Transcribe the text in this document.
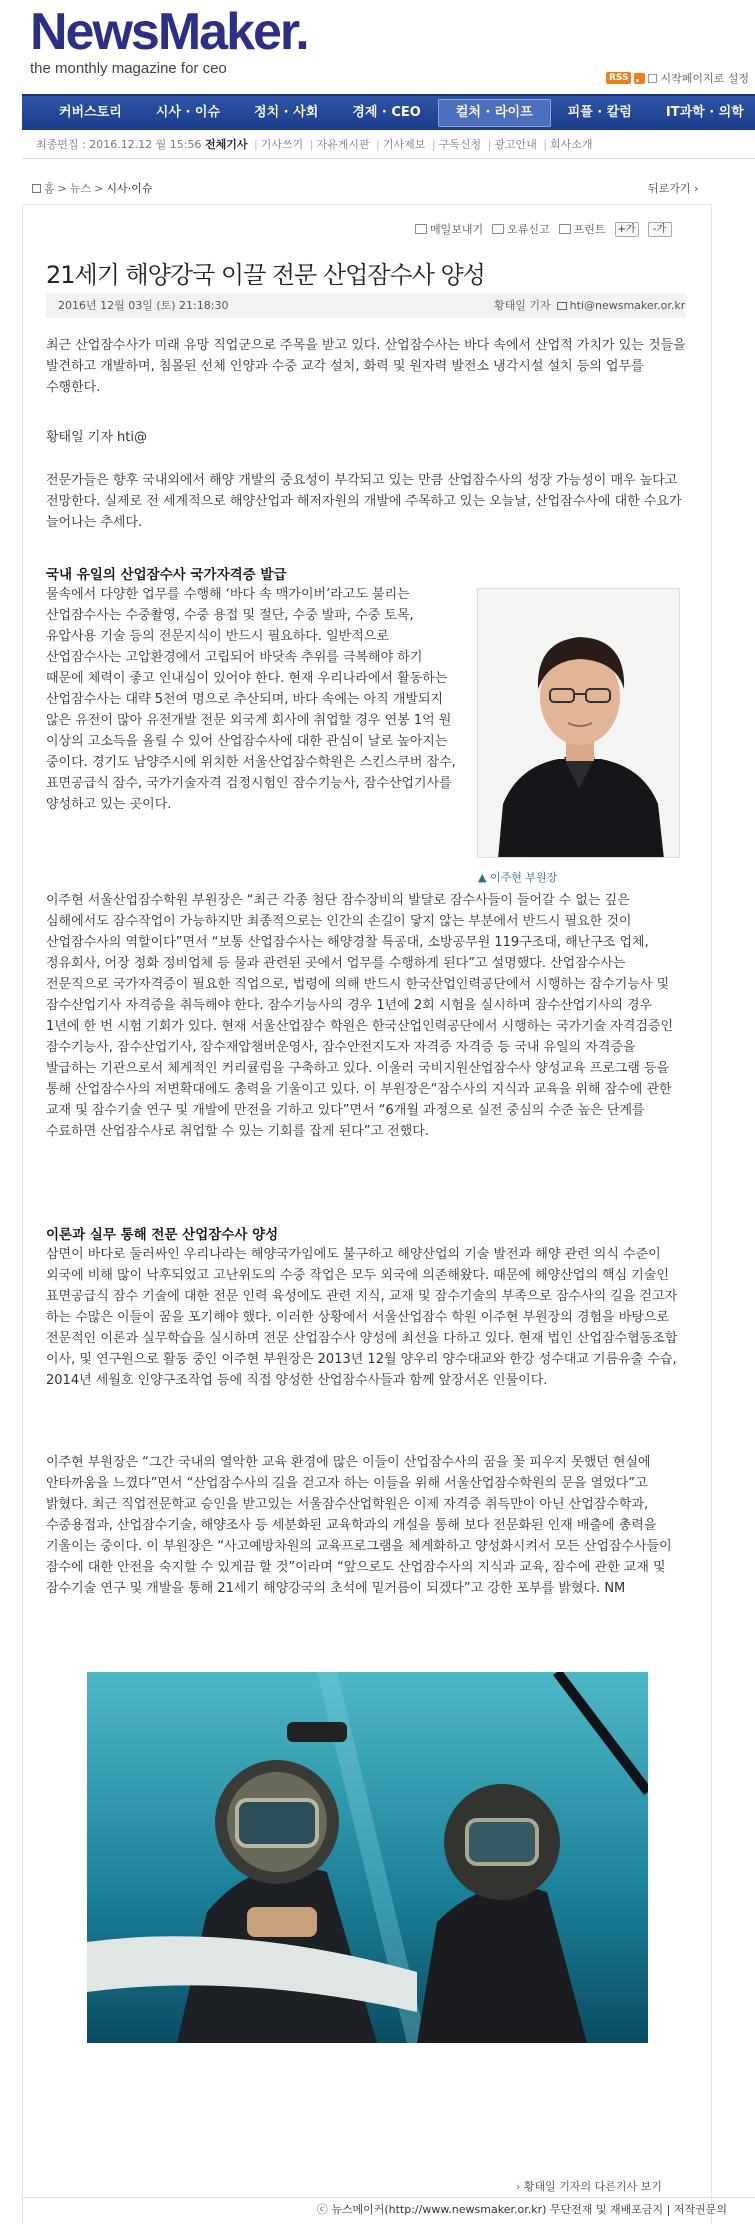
NewsMaker.
the monthly magazine for ceo
RSS	시작페이지로 설정
커버스토리	시사 · 이슈	정치 · 사회	경제 · CEO	컬처 · 라이프	피플 · 칼럼	IT과학 · 의학
최종편집 : 2016.12.12 월 15:56 전체기사 | 기사쓰기 | 자유게시판 | 기사제보 | 구독신청 | 광고안내 | 회사소개
홈 > 뉴스 > 시사·이슈	뒤로가기 ›
메일보내기 오류신고 프린트 +가	-가
21세기 해양강국 이끌 전문 산업잠수사 양성
2016년 12월 03일 (토) 21:18:30	황태일 기자 hti@newsmaker.or.kr
최근 산업잠수사가 미래 유망 직업군으로 주목을 받고 있다. 산업잠수사는 바다 속에서 산업적 가치가 있는 것들을 발견하고 개발하며, 침몰된 선체 인양과 수중 교각 설치, 화력 및 원자력 발전소 냉각시설 설치 등의 업무를 수행한다.
황태일 기자 hti@
전문가들은 향후 국내외에서 해양 개발의 중요성이 부각되고 있는 만큼 산업잠수사의 성장 가능성이 매우 높다고 전망한다. 실제로 전 세계적으로 해양산업과 해저자원의 개발에 주목하고 있는 오늘날, 산업잠수사에 대한 수요가 늘어나는 추세다.
국내 유일의 산업잠수사 국가자격증 발급
물속에서 다양한 업무를 수행해 ‘바다 속 맥가이버’라고도 불리는 산업잠수사는 수중촬영, 수중 용접 및 절단, 수중 발파, 수중 토목, 유압사용 기술 등의 전문지식이 반드시 필요하다. 일반적으로 산업잠수사는 고압환경에서 고립되어 바닷속 추위를 극복해야 하기 때문에 체력이 좋고 인내심이 있어야 한다. 현재 우리나라에서 활동하는 산업잠수사는 대략 5천여 명으로 추산되며, 바다 속에는 아직 개발되지 않은 유전이 많아 유전개발 전문 외국계 회사에 취업할 경우 연봉 1억 원 이상의 고소득을 올릴 수 있어 산업잠수사에 대한 관심이 날로 높아지는 중이다. 경기도 남양주시에 위치한 서울산업잠수학원은 스킨스쿠버 잠수, 표면공급식 잠수, 국가기술자격 검정시험인 잠수기능사, 잠수산업기사를 양성하고 있는 곳이다.
▲ 이주현 부원장
이주현 서울산업잠수학원 부원장은 “최근 각종 첨단 잠수장비의 발달로 잠수사들이 들어갈 수 없는 깊은 심해에서도 잠수작업이 가능하지만 최종적으로는 인간의 손길이 닿지 않는 부분에서 반드시 필요한 것이 산업잠수사의 역할이다”면서 “보통 산업잠수사는 해양경찰 특공대, 소방공무원 119구조대, 해난구조 업체, 정유회사, 어장 정화 정비업체 등 물과 관련된 곳에서 업무를 수행하게 된다”고 설명했다. 산업잠수사는 전문직으로 국가자격증이 필요한 직업으로, 법령에 의해 반드시 한국산업인력공단에서 시행하는 잠수기능사 및 잠수산업기사 자격증을 취득해야 한다. 잠수기능사의 경우 1년에 2회 시험을 실시하며 잠수산업기사의 경우 1년에 한 번 시험 기회가 있다. 현재 서울산업잠수 학원은 한국산업인력공단에서 시행하는 국가기술 자격검증인 잠수기능사, 잠수산업기사, 잠수재압챔버운영사, 잠수안전지도자 자격증 자격증 등 국내 유일의 자격증을 발급하는 기관으로서 체계적인 커리큘럼을 구축하고 있다. 이울러 국비지원산업잠수사 양성교육 프로그램 등을 통해 산업잠수사의 저변확대에도 총력을 기울이고 있다. 이 부원장은“잠수사의 지식과 교육을 위해 잠수에 관한 교재 및 잠수기술 연구 및 개발에 만전을 기하고 있다”면서 “6개월 과정으로 실전 중심의 수준 높은 단계를 수료하면 산업잠수사로 취업할 수 있는 기회를 잡게 된다”고 전했다.
이론과 실무 통해 전문 산업잠수사 양성
삼면이 바다로 둘러싸인 우리나라는 해양국가임에도 불구하고 해양산업의 기술 발전과 해양 관련 의식 수준이 외국에 비해 많이 낙후되었고 고난위도의 수중 작업은 모두 외국에 의존해왔다. 때문에 해양산업의 핵심 기술인 표면공급식 잠수 기술에 대한 전문 인력 육성에도 관련 지식, 교재 및 잠수기술의 부족으로 잠수사의 길을 걷고자 하는 수많은 이들이 꿈을 포기해야 했다. 이러한 상황에서 서울산업잠수 학원 이주현 부원장의 경험을 바탕으로 전문적인 이론과 실무학습을 실시하며 전문 산업잠수사 양성에 최선을 다하고 있다. 현재 법인 산업잠수협동조합 이사, 및 연구원으로 활동 중인 이주현 부원장은 2013년 12월 양우리 양수대교와 한강 성수대교 기름유출 수습, 2014년 세월호 인양구조작업 등에 직접 양성한 산업잠수사들과 함께 앞장서온 인물이다.
이주현 부원장은 “그간 국내의 열악한 교육 환경에 많은 이들이 산업잠수사의 꿈을 꽃 피우지 못했던 현실에 안타까움을 느꼈다”면서 “산업잠수사의 길을 걷고자 하는 이들을 위해 서울산업잠수학원의 문을 열었다”고 밝혔다. 최근 직업전문학교 승인을 받고있는 서울잠수산업학원은 이제 자격증 취득만이 아닌 산업잠수학과, 수중용접과, 산업잠수기술, 해양조사 등 세분화된 교육학과의 개설을 통해 보다 전문화된 인재 배출에 총력을 기울이는 중이다. 이 부원장은 “사고예방차원의 교육프로그램을 체계화하고 양성화시켜서 모든 산업잠수사들이 잠수에 대한 안전을 숙지할 수 있게끔 할 것”이라며 “앞으로도 산업잠수사의 지식과 교육, 잠수에 관한 교재 및 잠수기술 연구 및 개발을 통해 21세기 해양강국의 초석에 밑거름이 되겠다”고 강한 포부를 밝혔다. NM
› 황태일 기자의 다른기사 보기
ⓒ 뉴스메이커(http://www.newsmaker.or.kr) 무단전재 및 재배포금지 | 저작권문의
